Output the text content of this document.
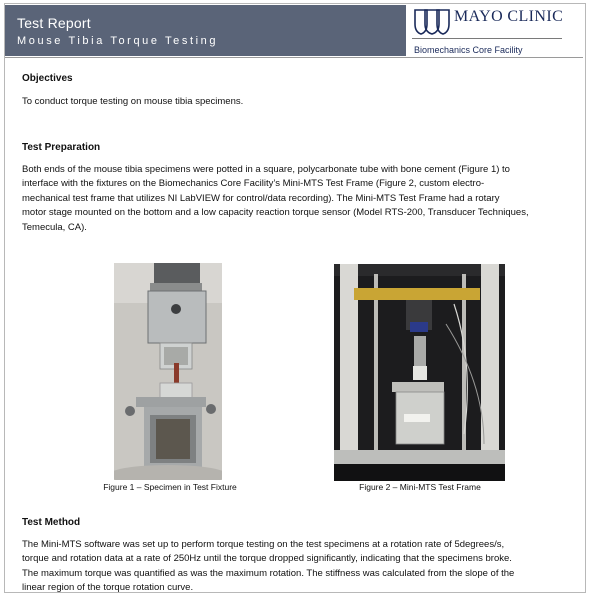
Test Report
Mouse Tibia Torque Testing
MAYO CLINIC
Biomechanics Core Facility
Objectives
To conduct torque testing on mouse tibia specimens.
Test Preparation
Both ends of the mouse tibia specimens were potted in a square, polycarbonate tube with bone cement (Figure 1) to
interface with the fixtures on the Biomechanics Core Facility’s Mini-MTS Test Frame (Figure 2, custom electro-
mechanical test frame that utilizes NI LabVIEW for control/data recording). The Mini-MTS Test Frame had a rotary
motor stage mounted on the bottom and a low capacity reaction torque sensor (Model RTS-200, Transducer Techniques,
Temecula, CA).
Figure 1 – Specimen in Test Fixture	Figure 2 – Mini-MTS Test Frame
Test Method
The Mini-MTS software was set up to perform torque testing on the test specimens at a rotation rate of 5degrees/s,
torque and rotation data at a rate of 250Hz until the torque dropped significantly, indicating that the specimens broke.
The maximum torque was quantified as was the maximum rotation. The stiffness was calculated from the slope of the
linear region of the torque rotation curve.
